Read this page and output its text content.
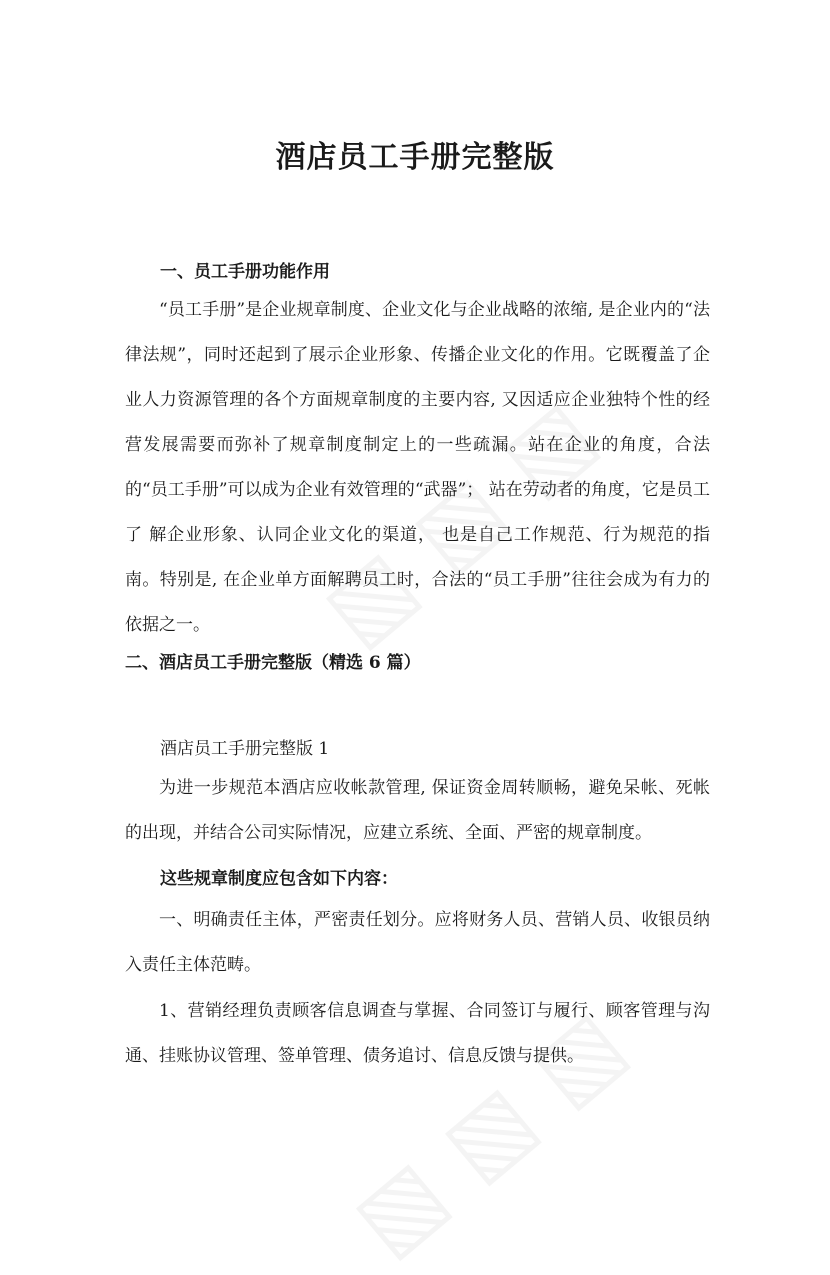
酒店员工手册完整版
一、员工手册功能作用

“员工手册”是企业规章制度、企业文化与企业战略的浓缩, 是企业内的“法律法规”，同时还起到了展示企业形象、传播企业文化的作用。它既覆盖了企业人力资源管理的各个方面规章制度的主要内容, 又因适应企业独特个性的经营发展需要而弥补了规章制度制定上的一些疏漏。站在企业的角度，合法的“员工手册”可以成为企业有效管理的“武器”； 站在劳动者的角度，它是员工了 解企业形象、认同企业文化的渠道， 也是自己工作规范、行为规范的指南。特别是, 在企业单方面解聘员工时，合法的“员工手册”往往会成为有力的依据之一。

二、酒店员工手册完整版（精选 6 篇）

酒店员工手册完整版 1

为进一步规范本酒店应收帐款管理, 保证资金周转顺畅，避免呆帐、死帐的出现，并结合公司实际情况，应建立系统、全面、严密的规章制度。

这些规章制度应包含如下内容：

一、明确责任主体，严密责任划分。应将财务人员、营销人员、收银员纳入责任主体范畴。

1、营销经理负责顾客信息调查与掌握、合同签订与履行、顾客管理与沟通、挂账协议管理、签单管理、债务追讨、信息反馈与提供。
